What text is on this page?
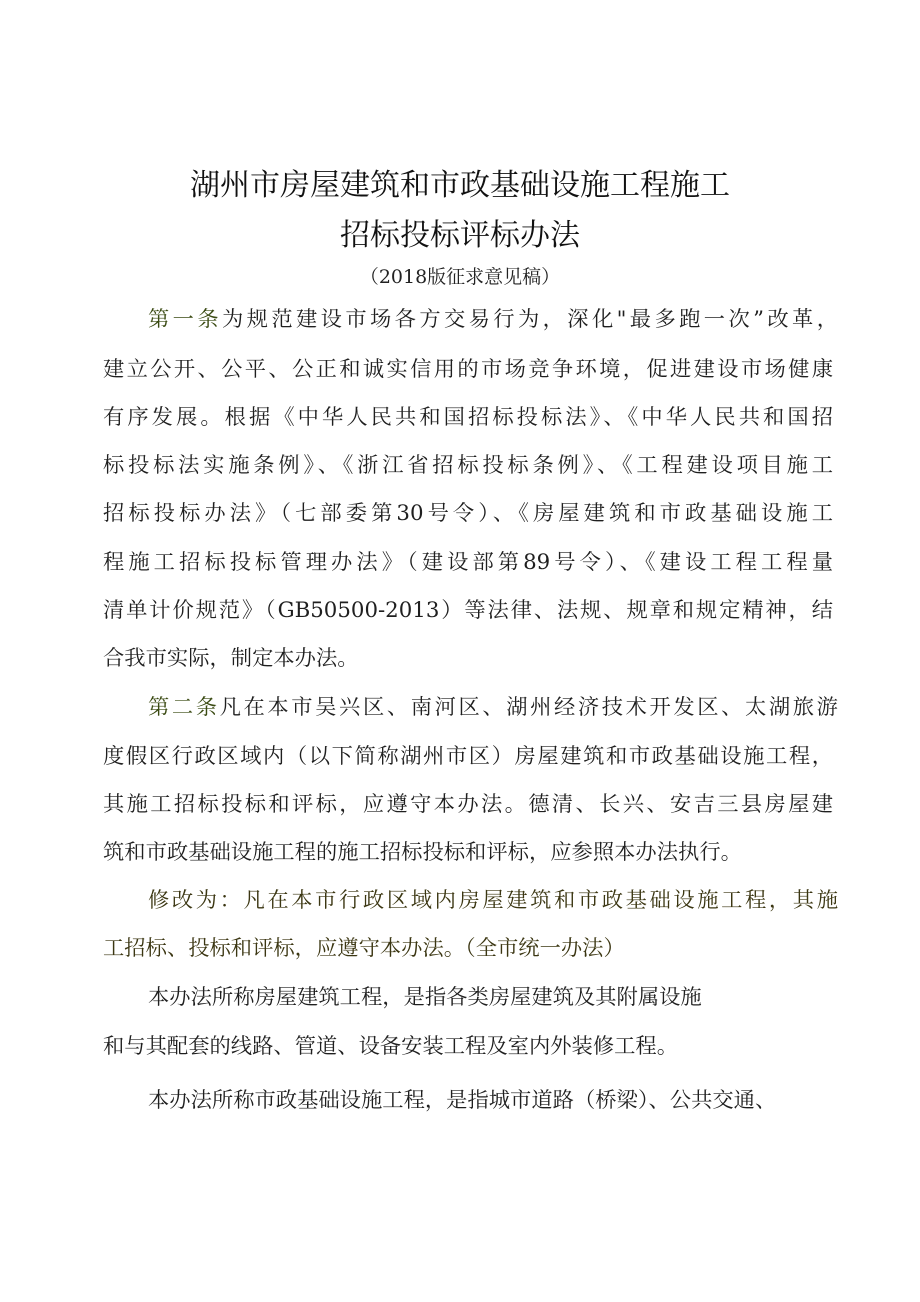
湖州市房屋建筑和市政基础设施工程施工
招标投标评标办法
（2018版征求意见稿）
第一条为规范建设市场各方交易行为，深化"最多跑一次”改革，
建立公开、公平、公正和诚实信用的市场竞争环境，促进建设市场健康
有序发展。根据《中华人民共和国招标投标法》、《中华人民共和国招
标投标法实施条例》、《浙江省招标投标条例》、《工程建设项目施工
招标投标办法》（七部委第30号令）、《房屋建筑和市政基础设施工
程施工招标投标管理办法》（建设部第89号令）、《建设工程工程量
清单计价规范》（GB50500-2013）等法律、法规、规章和规定精神，结
合我市实际，制定本办法。
第二条凡在本市吴兴区、南河区、湖州经济技术开发区、太湖旅游
度假区行政区域内（以下简称湖州市区）房屋建筑和市政基础设施工程，
其施工招标投标和评标，应遵守本办法。德清、长兴、安吉三县房屋建
筑和市政基础设施工程的施工招标投标和评标，应参照本办法执行。
修改为：凡在本市行政区域内房屋建筑和市政基础设施工程，其施
工招标、投标和评标，应遵守本办法。（全市统一办法）
本办法所称房屋建筑工程，是指各类房屋建筑及其附属设施
和与其配套的线路、管道、设备安装工程及室内外装修工程。
本办法所称市政基础设施工程，是指城市道路（桥梁）、公共交通、
